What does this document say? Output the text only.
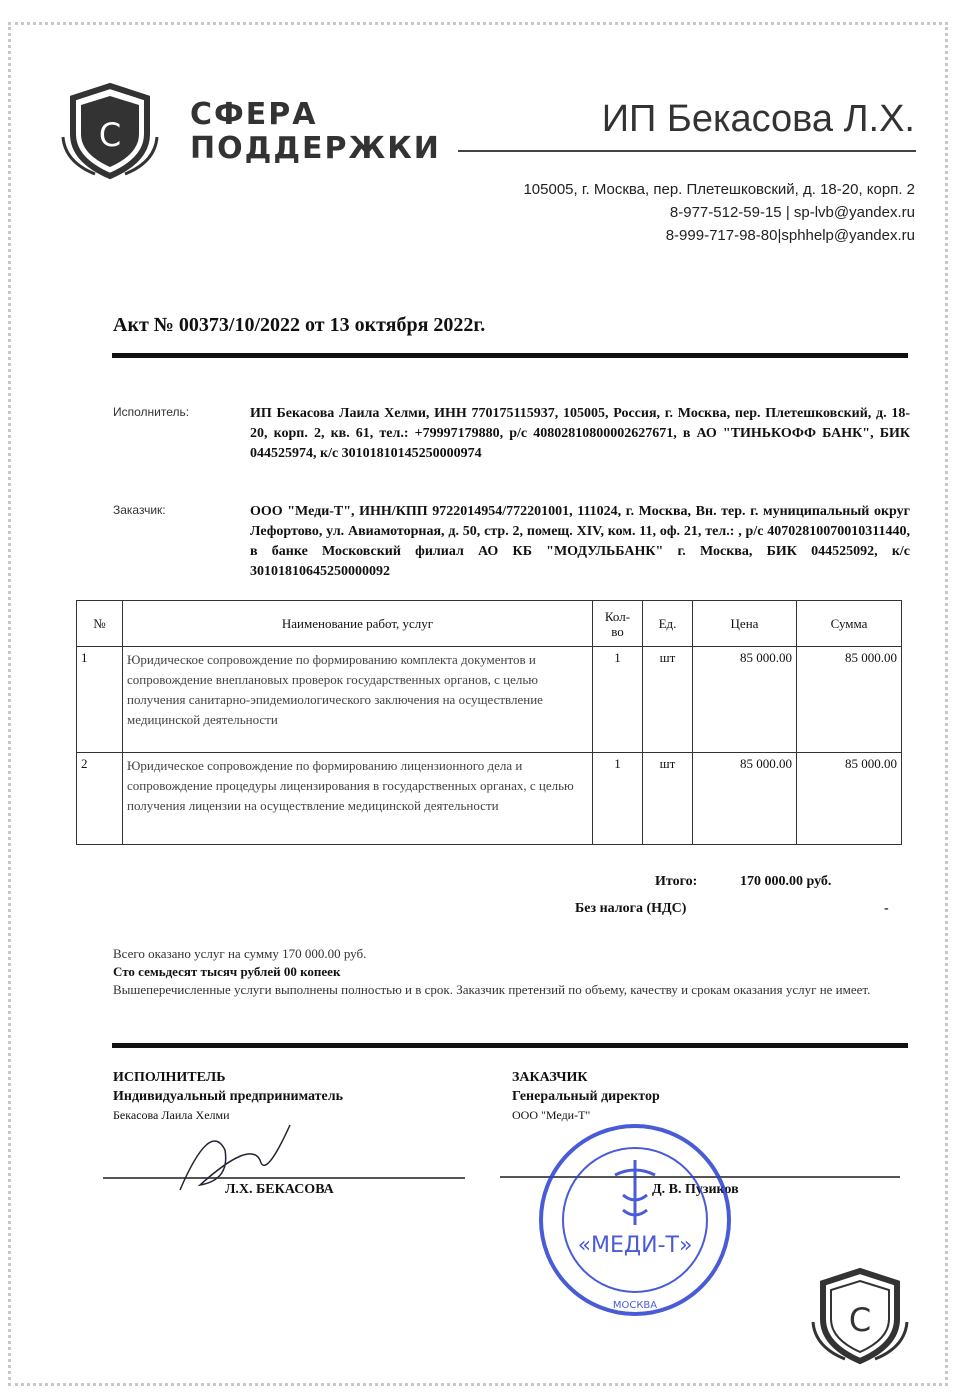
С
СФЕРА
ПОДДЕРЖКИ
ИП Бекасова Л.Х.
105005, г. Москва, пер. Плетешковский, д. 18-20, корп. 2
8-977-512-59-15 | sp-lvb@yandex.ru
8-999-717-98-80|sphhelp@yandex.ru
Акт № 00373/10/2022 от 13 октября 2022г.
Исполнитель:	ИП Бекасова Лаила Хелми, ИНН 770175115937, 105005, Россия, г. Москва, пер. Плетешковский, д. 18-20, корп. 2, кв. 61, тел.: +79997179880, р/с 40802810800002627671, в АО "ТИНЬКОФФ БАНК", БИК 044525974, к/с 30101810145250000974
Заказчик:	ООО "Меди-Т", ИНН/КПП 9722014954/772201001, 111024, г. Москва, Вн. тер. г. муниципальный округ Лефортово, ул. Авиамоторная, д. 50, стр. 2, помещ. XIV, ком. 11, оф. 21, тел.: , р/с 40702810070010311440, в банке Московский филиал АО КБ "МОДУЛЬБАНК" г. Москва, БИК 044525092, к/с 30101810645250000092
№	Наименование работ, услуг	Кол-во	Ед.	Цена	Сумма
1	Юридическое сопровождение по формированию комплекта документов и сопровождение внеплановых проверок государственных органов, с целью получения санитарно-эпидемиологического заключения на осуществление медицинской деятельности	1	шт	85 000.00	85 000.00
2	Юридическое сопровождение по формированию лицензионного дела и сопровождение процедуры лицензирования в государственных органах, с целью получения лицензии на осуществление медицинской деятельности	1	шт	85 000.00	85 000.00
Итого:	170 000.00 руб.
Без налога (НДС)	-
Всего оказано услуг на сумму 170 000.00 руб.
Сто семьдесят тысяч рублей 00 копеек
Вышеперечисленные услуги выполнены полностью и в срок. Заказчик претензий по объему, качеству и срокам оказания услуг не имеет.
ИСПОЛНИТЕЛЬ
Индивидуальный предприниматель
Бекасова Лаила Хелми
Л.Х. БЕКАСОВА
ЗАКАЗЧИК
Генеральный директор
ООО "Меди-Т"
Д. В. Пузиков
«МЕДИ-Т»
МОСКВА	С
